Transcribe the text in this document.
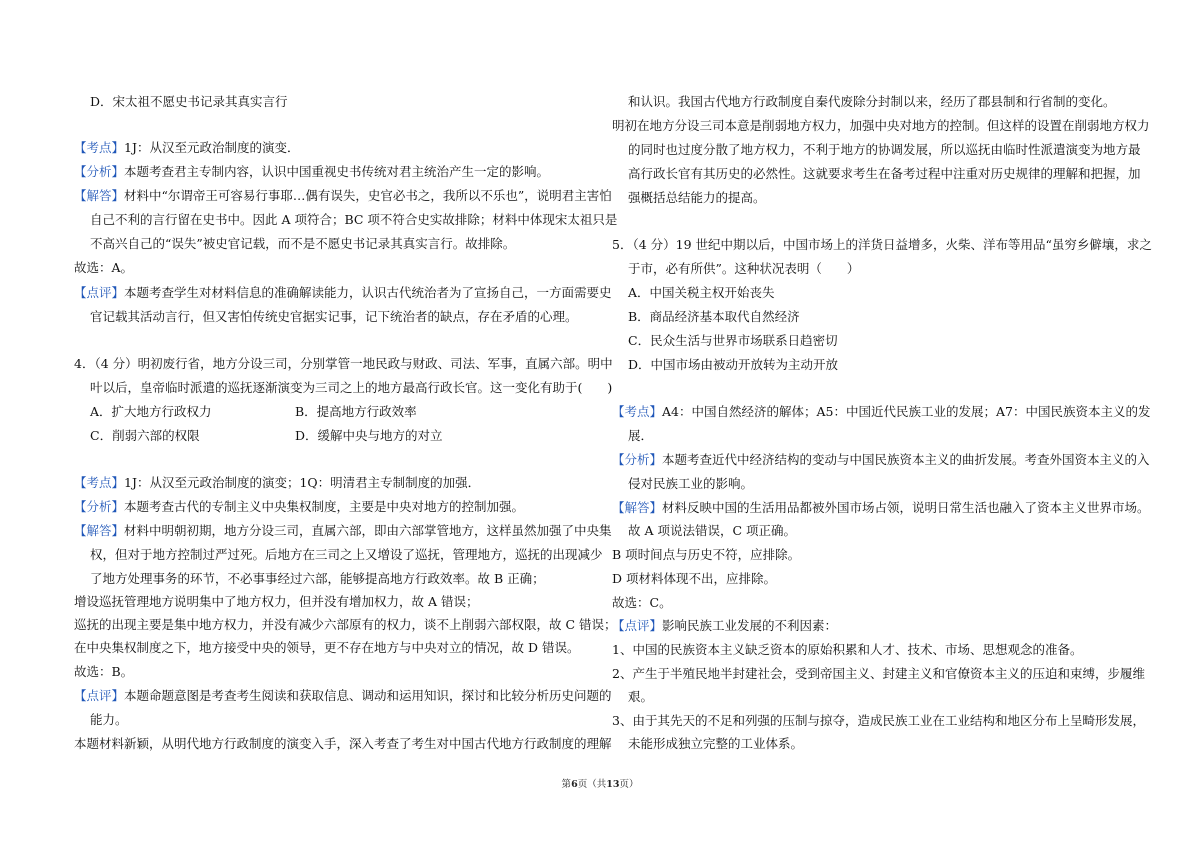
D．宋太祖不愿史书记录其真实言行
【考点】1J：从汉至元政治制度的演变．
【分析】本题考查君主专制内容，认识中国重视史书传统对君主统治产生一定的影响。
【解答】材料中“尔谓帝王可容易行事耶…偶有误失，史官必书之，我所以不乐也”，说明君主害怕
自己不利的言行留在史书中。因此 A 项符合；BC 项不符合史实故排除；材料中体现宋太祖只是
不高兴自己的“误失”被史官记载，而不是不愿史书记录其真实言行。故排除。
故选：A。
【点评】本题考查学生对材料信息的准确解读能力，认识古代统治者为了宣扬自己，一方面需要史
官记载其活动言行，但又害怕传统史官据实记事，记下统治者的缺点，存在矛盾的心理。
4．（4 分）明初废行省，地方分设三司，分别掌管一地民政与财政、司法、军事，直属六部。明中
叶以后，皇帝临时派遣的巡抚逐渐演变为三司之上的地方最高行政长官。这一变化有助于(　　)
A．扩大地方行政权力	B．提高地方行政效率
C．削弱六部的权限	D．缓解中央与地方的对立
【考点】1J：从汉至元政治制度的演变；1Q：明清君主专制制度的加强．
【分析】本题考查古代的专制主义中央集权制度，主要是中央对地方的控制加强。
【解答】材料中明朝初期，地方分设三司，直属六部，即由六部掌管地方，这样虽然加强了中央集
权，但对于地方控制过严过死。后地方在三司之上又增设了巡抚，管理地方，巡抚的出现减少
了地方处理事务的环节，不必事事经过六部，能够提高地方行政效率。故 B 正确；
增设巡抚管理地方说明集中了地方权力，但并没有增加权力，故 A 错误；
巡抚的出现主要是集中地方权力，并没有减少六部原有的权力，谈不上削弱六部权限，故 C 错误；
在中央集权制度之下，地方接受中央的领导，更不存在地方与中央对立的情况，故 D 错误。
故选：B。
【点评】本题命题意图是考查考生阅读和获取信息、调动和运用知识，探讨和比较分析历史问题的
能力。
本题材料新颖，从明代地方行政制度的演变入手，深入考查了考生对中国古代地方行政制度的理解
和认识。我国古代地方行政制度自秦代废除分封制以来，经历了郡县制和行省制的变化。
明初在地方分设三司本意是削弱地方权力，加强中央对地方的控制。但这样的设置在削弱地方权力
的同时也过度分散了地方权力，不利于地方的协调发展，所以巡抚由临时性派遣演变为地方最
高行政长官有其历史的必然性。这就要求考生在备考过程中注重对历史规律的理解和把握，加
强概括总结能力的提高。
5．（4 分）19 世纪中期以后，中国市场上的洋货日益增多，火柴、洋布等用品“虽穷乡僻壤，求之
于市，必有所供”。这种状况表明（　　）
A．中国关税主权开始丧失
B．商品经济基本取代自然经济
C．民众生活与世界市场联系日趋密切
D．中国市场由被动开放转为主动开放
【考点】A4：中国自然经济的解体；A5：中国近代民族工业的发展；A7：中国民族资本主义的发
展．
【分析】本题考查近代中经济结构的变动与中国民族资本主义的曲折发展。考查外国资本主义的入
侵对民族工业的影响。
【解答】材料反映中国的生活用品都被外国市场占领，说明日常生活也融入了资本主义世界市场。
故 A 项说法错误，C 项正确。
B 项时间点与历史不符，应排除。
D 项材料体现不出，应排除。
故选：C。
【点评】影响民族工业发展的不利因素：
1、中国的民族资本主义缺乏资本的原始积累和人才、技术、市场、思想观念的准备。
2、产生于半殖民地半封建社会，受到帝国主义、封建主义和官僚资本主义的压迫和束缚，步履维
艰。
3、由于其先天的不足和列强的压制与掠夺，造成民族工业在工业结构和地区分布上呈畸形发展，
未能形成独立完整的工业体系。
第6页（共13页）
